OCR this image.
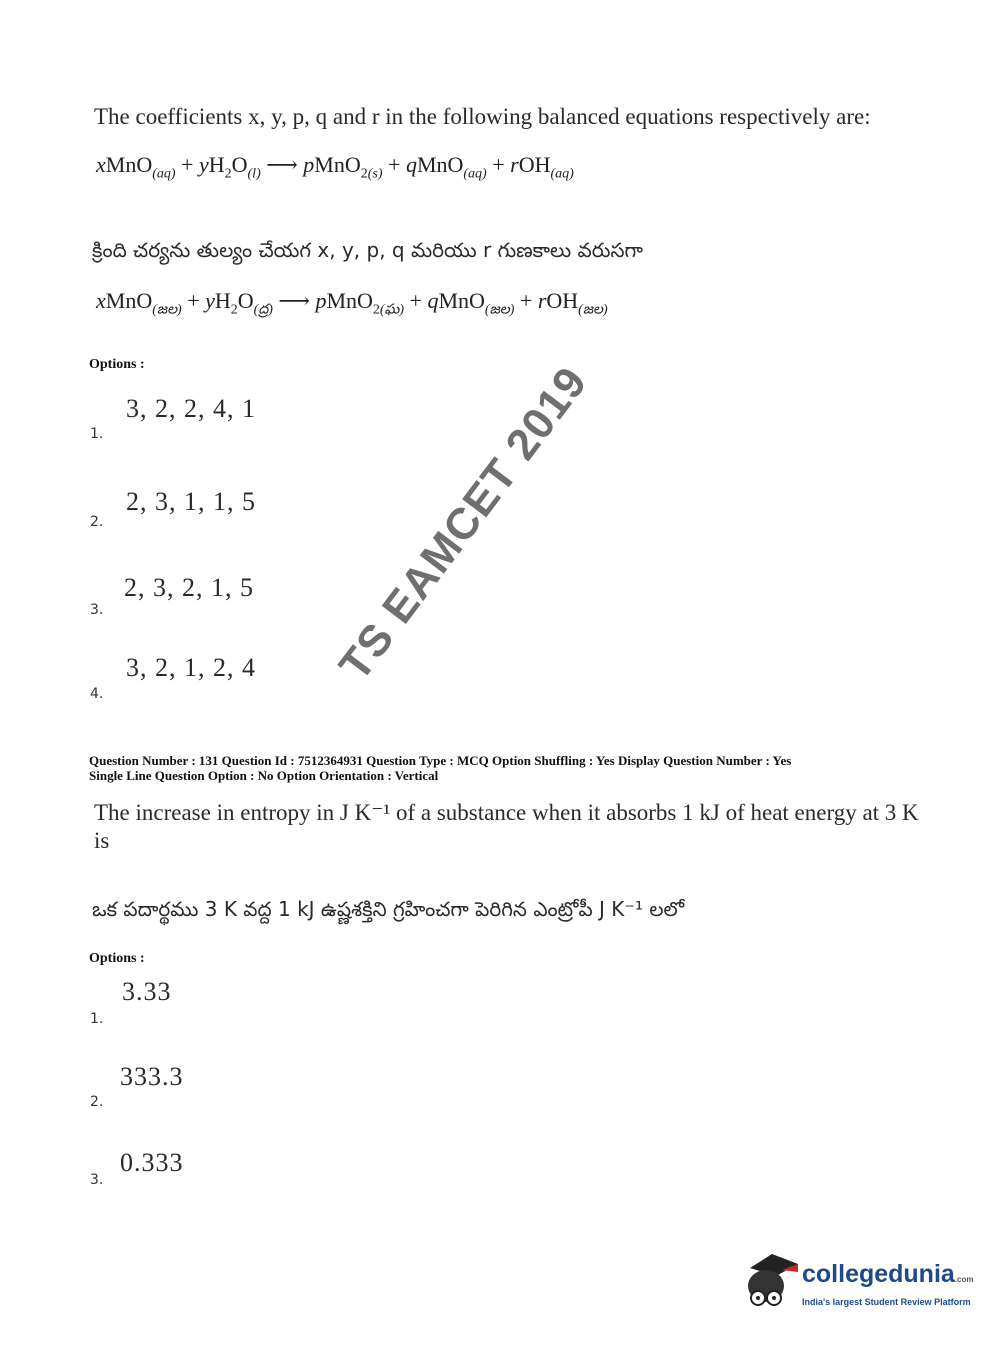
The coefficients x, y, p, q and r in the following balanced equations respectively are:
xMnO$_{(aq)}$ + $yH_2O_{(l)}$ ⟶ pMnO$_{2(s)}$ + qMnO$_{(aq)}$ + rOH$_{(aq)}$
క్రింది చర్యను తుల్యం చేయగ x, y, p, q మరియు r గుణకాలు వరుసగా
xMnO$_{(జల)}$ + $yH_2O_{(ద్ర)}$ ⟶ pMnO$_{2(ఘ)}$ + qMnO$_{(జల)}$ + rOH$_{(జల)}$
Options :
3, 2, 2, 4, 1
1.
2, 3, 1, 1, 5
2.
2, 3, 2, 1, 5
3.
3, 2, 1, 2, 4
4.
Question Number : 131 Question Id : 7512364931 Question Type : MCQ Option Shuffling : Yes Display Question Number : Yes
Single Line Question Option : No Option Orientation : Vertical
The increase in entropy in J K⁻¹ of a substance when it absorbs 1 kJ of heat energy at 3 K
is
ఒక పదార్థము 3 K వద్ద 1 kJ ఉష్ణశక్తిని గ్రహించగా పెరిగిన ఎంట్రోపీ J K⁻¹ లలో
Options :
3.33
1.
333.3
2.
0.333
3.
TS EAMCET 2019
collegedunia.com
India's largest Student Review Platform
